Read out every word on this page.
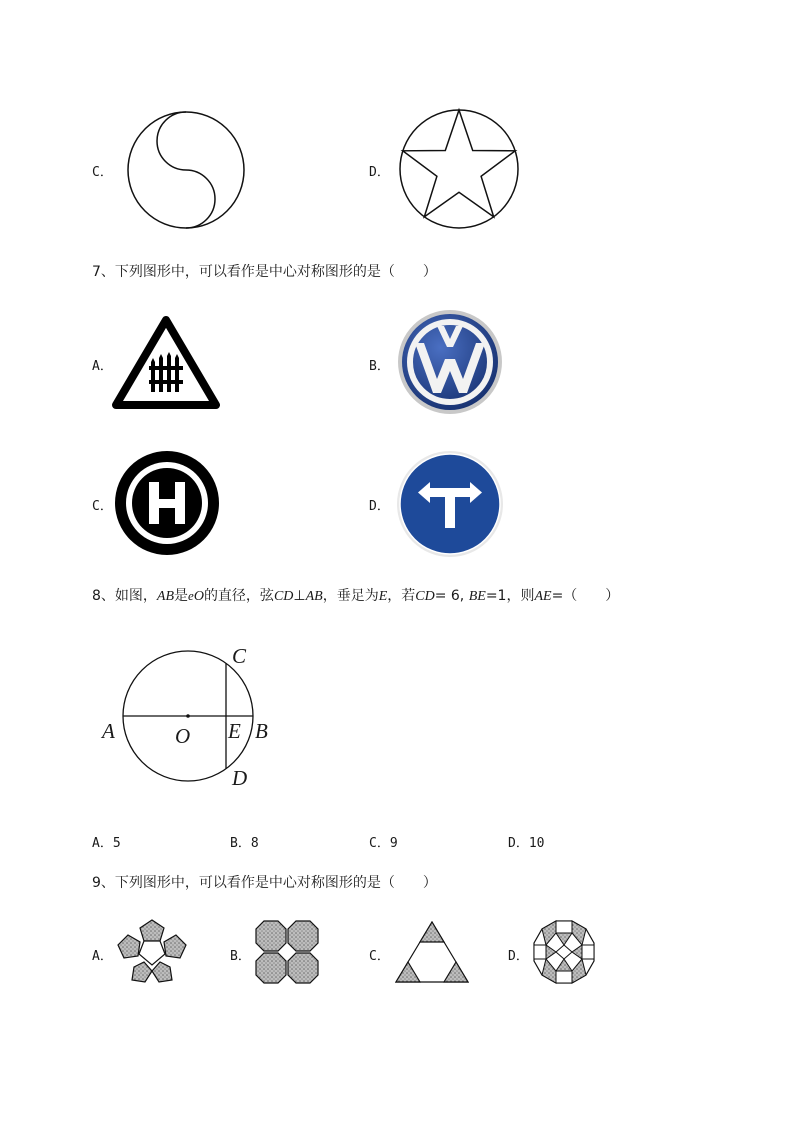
C．	D．
7、下列图形中，可以看作是中心对称图形的是（　　）
A．	B．
C．	D．
8、如图，AB是eO的直径，弦CD⊥AB，垂足为E，若CD= 6, BE=1，则AE=（　　）
A	O E B
C
D
A．5	B．8	C．9	D．10
9、下列图形中，可以看作是中心对称图形的是（　　）
A．	B．	C．	D．
